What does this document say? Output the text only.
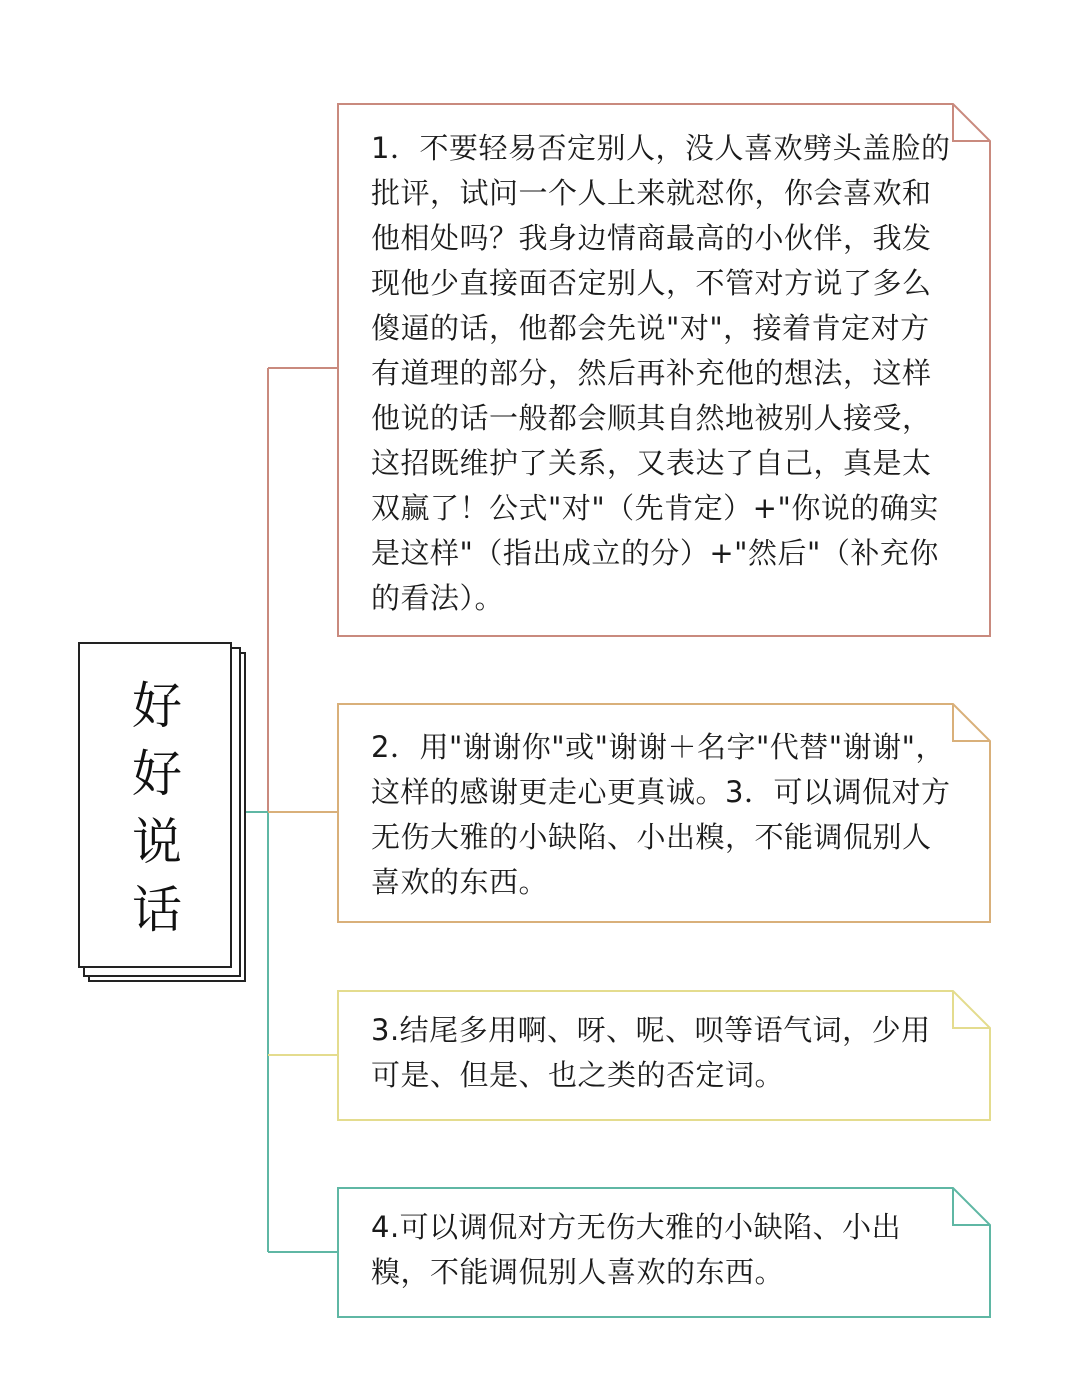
好好说话
1．不要轻易否定别人，没人喜欢劈头盖脸的批评，试问一个人上来就怼你，你会喜欢和他相处吗？我身边情商最高的小伙伴，我发现他少直接面否定别人，不管对方说了多么傻逼的话，他都会先说"对"，接着肯定对方有道理的部分，然后再补充他的想法，这样他说的话一般都会顺其自然地被别人接受，这招既维护了关系，又表达了自己，真是太双赢了！公式"对"（先肯定）+"你说的确实是这样"（指出成立的分）+"然后"（补充你的看法）。
2．用"谢谢你"或"谢谢＋名字"代替"谢谢"，这样的感谢更走心更真诚。3．可以调侃对方无伤大雅的小缺陷、小出糗，不能调侃别人喜欢的东西。
3.结尾多用啊、呀、呢、呗等语气词，少用可是、但是、也之类的否定词。
4.可以调侃对方无伤大雅的小缺陷、小出糗，不能调侃别人喜欢的东西。
